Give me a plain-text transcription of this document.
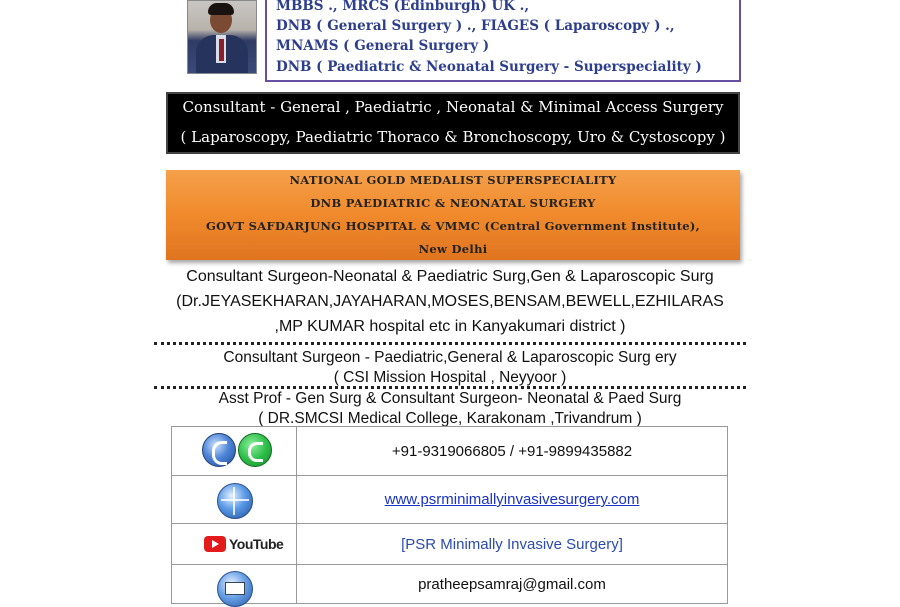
MBBS ., MRCS (Edinburgh) UK .,
DNB ( General Surgery ) ., FIAGES ( Laparoscopy ) .,
MNAMS ( General Surgery )
DNB ( Paediatric & Neonatal Surgery - Superspeciality )
Consultant - General , Paediatric , Neonatal & Minimal Access Surgery
( Laparoscopy, Paediatric Thoraco & Bronchoscopy, Uro & Cystoscopy )
NATIONAL GOLD MEDALIST SUPERSPECIALITY
DNB PAEDIATRIC & NEONATAL SURGERY
GOVT SAFDARJUNG HOSPITAL & VMMC (Central Government Institute),
New Delhi
Consultant Surgeon-Neonatal & Paediatric Surg,Gen & Laparoscopic Surg
(Dr.JEYASEKHARAN,JAYAHARAN,MOSES,BENSAM,BEWELL,EZHILARAS
,MP KUMAR hospital etc in Kanyakumari district )
Consultant Surgeon - Paediatric,General & Laparoscopic Surg ery
( CSI Mission Hospital , Neyyoor )
Asst Prof - Gen Surg & Consultant Surgeon- Neonatal & Paed Surg
( DR.SMCSI Medical College, Karakonam ,Trivandrum )
+91-9319066805 / +91-9899435882
www.psrminimallyinvasivesurgery.com
YouTube	[PSR Minimally Invasive Surgery]
pratheepsamraj@gmail.com
